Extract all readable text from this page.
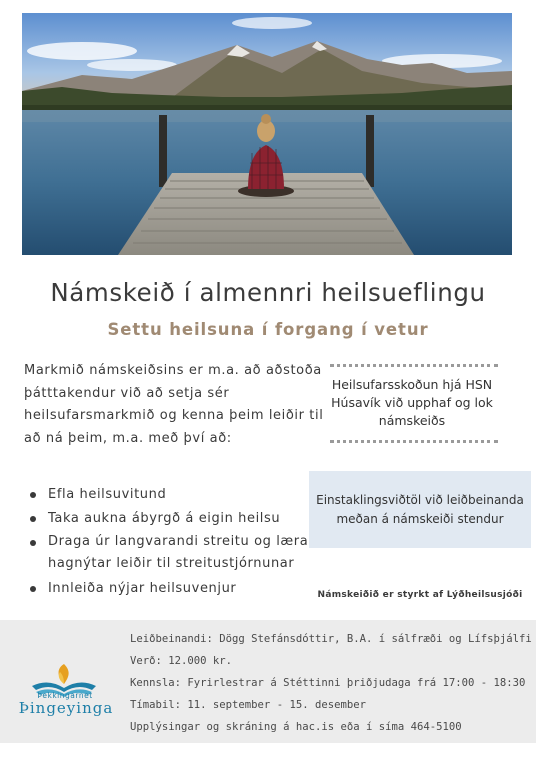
Námskeið í almennri heilsueflingu
Settu heilsuna í forgang í vetur
Markmið námskeiðsins er m.a. að aðstoða þátttakendur við að setja sér heilsufarsmarkmið og kenna þeim leiðir til að ná þeim, m.a. með því að:
Efla heilsuvitund
Taka aukna ábyrgð á eigin heilsu
Draga úr langvarandi streitu og læra hagnýtar leiðir til streitustjórnunar
Innleiða nýjar heilsuvenjur
Heilsufarsskoðun hjá HSN Húsavík við upphaf og lok námskeiðs
Einstaklingsviðtöl við leiðbeinanda meðan á námskeiði stendur
Námskeiðið er styrkt af Lýðheilsusjóði
Þekkingarnet
Þingeyinga
Leiðbeinandi: Dögg Stefánsdóttir, B.A. í sálfræði og Lífsþjálfi
Verð: 12.000 kr.
Kennsla: Fyrirlestrar á Stéttinni þriðjudaga frá 17:00 - 18:30
Tímabil: 11. september - 15. desember
Upplýsingar og skráning á hac.is eða í síma 464-5100
